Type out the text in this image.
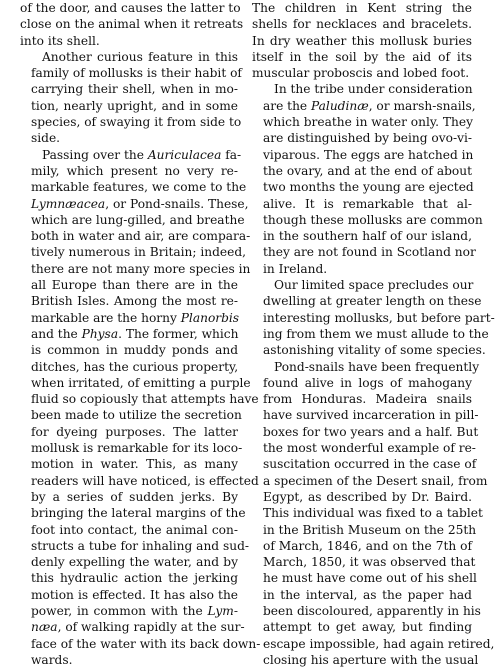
of the door, and causes the latter to
close on the animal when it retreats
into its shell.

Another curious feature in this
family of mollusks is their habit of
carrying their shell, when in mo-
tion, nearly upright, and in some
species, of swaying it from side to
side.

Passing over the Auriculacea fa-
mily, which present no very re-
markable features, we come to the
Lymnæacea, or Pond-snails. These,
which are lung-gilled, and breathe
both in water and air, are compara-
tively numerous in Britain; indeed,
there are not many more species in
all Europe than there are in the
British Isles. Among the most re-
markable are the horny Planorbis
and the Physa. The former, which
is common in muddy ponds and
ditches, has the curious property,
when irritated, of emitting a purple
fluid so copiously that attempts have
been made to utilize the secretion
for dyeing purposes. The latter
mollusk is remarkable for its loco-
motion in water. This, as many
readers will have noticed, is effected
by a series of sudden jerks. By
bringing the lateral margins of the
foot into contact, the animal con-
structs a tube for inhaling and sud-
denly expelling the water, and by
this hydraulic action the jerking
motion is effected. It has also the
power, in common with the Lym-
næa, of walking rapidly at the sur-
face of the water with its back down-
wards.

The children in Kent string the
shells for necklaces and bracelets.
In dry weather this mollusk buries
itself in the soil by the aid of its
muscular proboscis and lobed foot.

In the tribe under consideration
are the Paludinæ, or marsh-snails,
which breathe in water only. They
are distinguished by being ovo-vi-
viparous. The eggs are hatched in
the ovary, and at the end of about
two months the young are ejected
alive. It is remarkable that al-
though these mollusks are common
in the southern half of our island,
they are not found in Scotland nor
in Ireland.

Our limited space precludes our
dwelling at greater length on these
interesting mollusks, but before part-
ing from them we must allude to the
astonishing vitality of some species.

Pond-snails have been frequently
found alive in logs of mahogany
from Honduras. Madeira snails
have survived incarceration in pill-
boxes for two years and a half. But
the most wonderful example of re-
suscitation occurred in the case of
a specimen of the Desert snail, from
Egypt, as described by Dr. Baird.
This individual was fixed to a tablet
in the British Museum on the 25th
of March, 1846, and on the 7th of
March, 1850, it was observed that
he must have come out of his shell
in the interval, as the paper had
been discoloured, apparently in his
attempt to get away, but finding
escape impossible, had again retired,
closing his aperture with the usual
